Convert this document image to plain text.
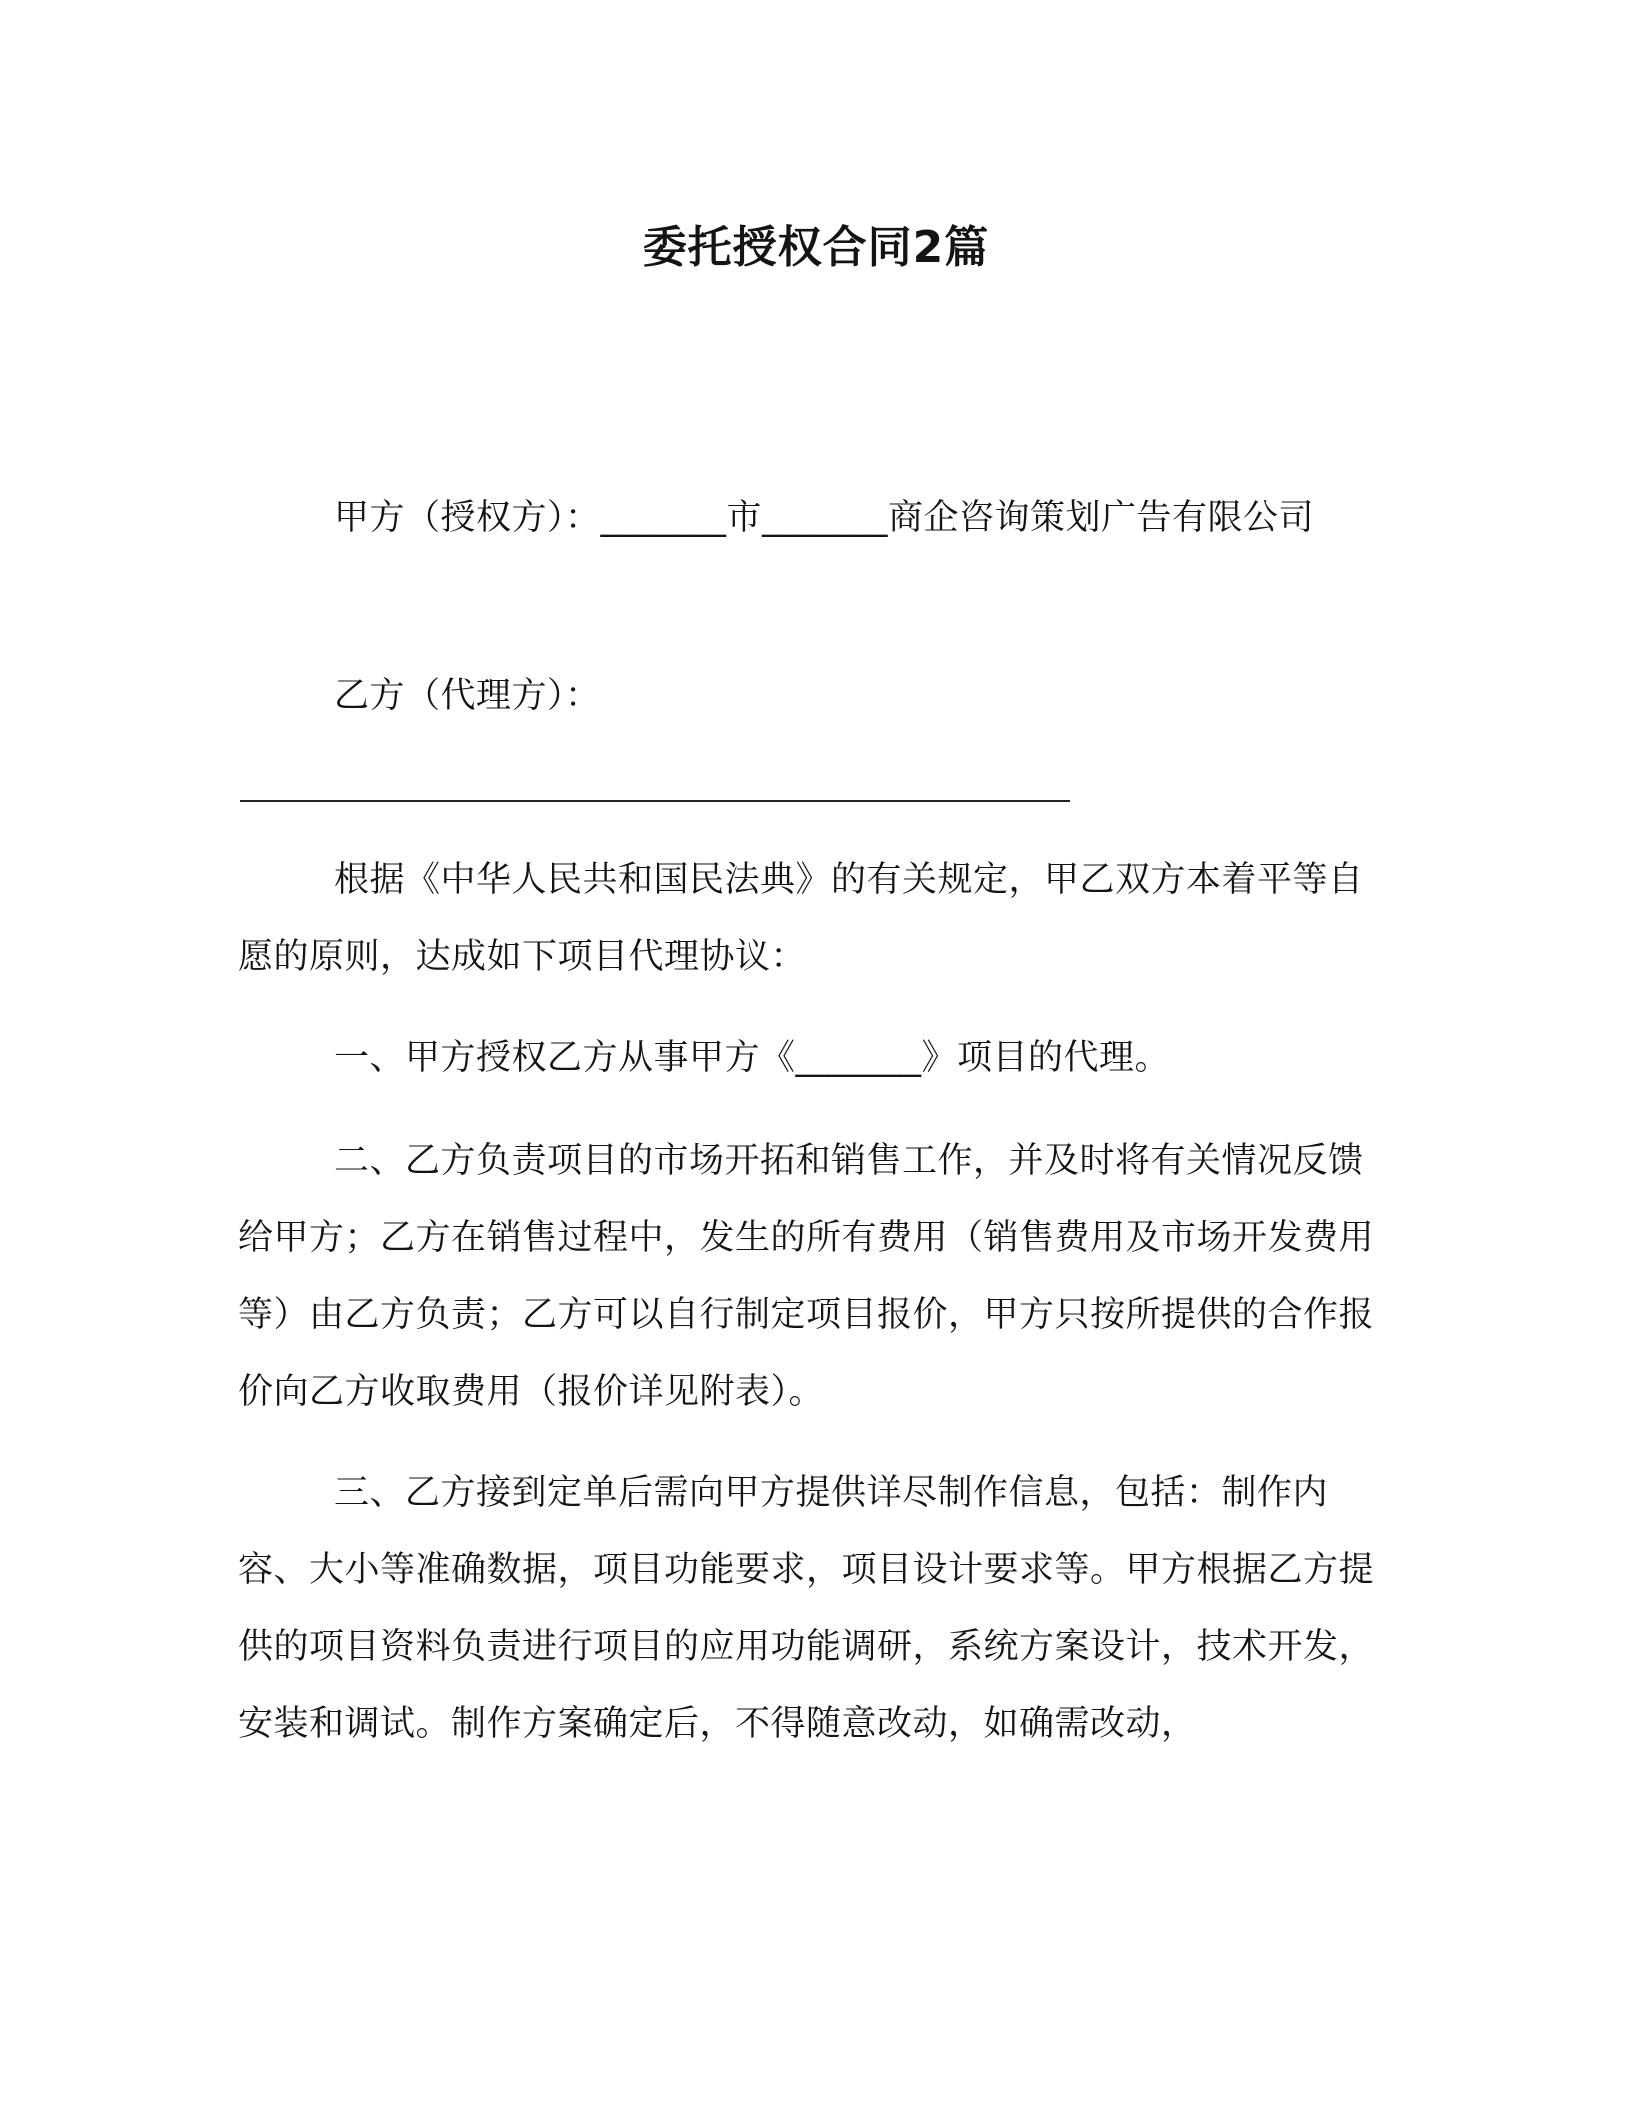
委托授权合同2篇

甲方（授权方）：_______市_______商企咨询策划广告有限公司

乙方（代理方）：

根据《中华人民共和国民法典》的有关规定，甲乙双方本着平等自愿的原则，达成如下项目代理协议：

一、甲方授权乙方从事甲方《_______》项目的代理。

二、乙方负责项目的市场开拓和销售工作，并及时将有关情况反馈给甲方；乙方在销售过程中，发生的所有费用（销售费用及市场开发费用等）由乙方负责；乙方可以自行制定项目报价，甲方只按所提供的合作报价向乙方收取费用（报价详见附表）。

三、乙方接到定单后需向甲方提供详尽制作信息，包括：制作内容、大小等准确数据，项目功能要求，项目设计要求等。甲方根据乙方提供的项目资料负责进行项目的应用功能调研，系统方案设计，技术开发，安装和调试。制作方案确定后，不得随意改动，如确需改动，
